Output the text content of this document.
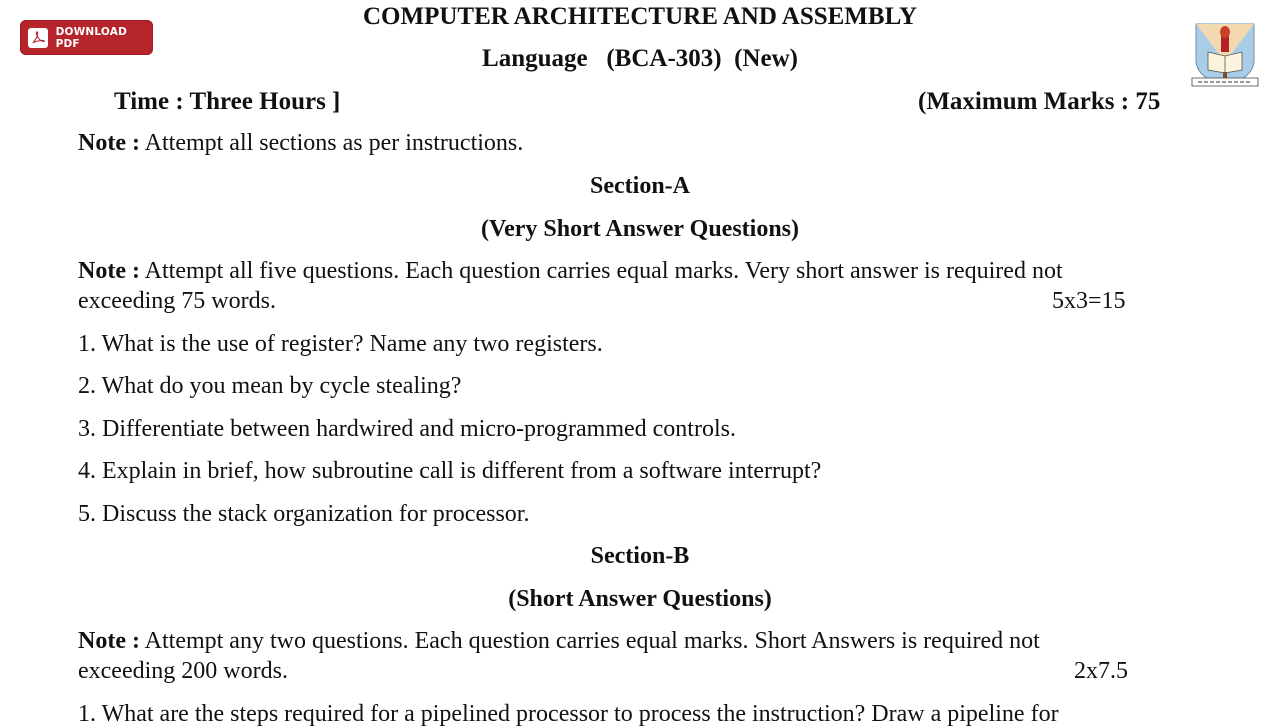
DOWNLOAD PDF
COMPUTER ARCHITECTURE AND ASSEMBLY
Language   (BCA-303)  (New)
Time : Three Hours ]	(Maximum Marks : 75
Note : Attempt all sections as per instructions.
Section-A
(Very Short Answer Questions)
Note : Attempt all five questions. Each question carries equal marks. Very short answer is required not
exceeding 75 words.	5x3=15
1. What is the use of register? Name any two registers.
2. What do you mean by cycle stealing?
3. Differentiate between hardwired and micro-programmed controls.
4. Explain in brief, how subroutine call is different from a software interrupt?
5. Discuss the stack organization for processor.
Section-B
(Short Answer Questions)
Note : Attempt any two questions. Each question carries equal marks. Short Answers is required not
exceeding 200 words.	2x7.5
1. What are the steps required for a pipelined processor to process the instruction? Draw a pipeline for
